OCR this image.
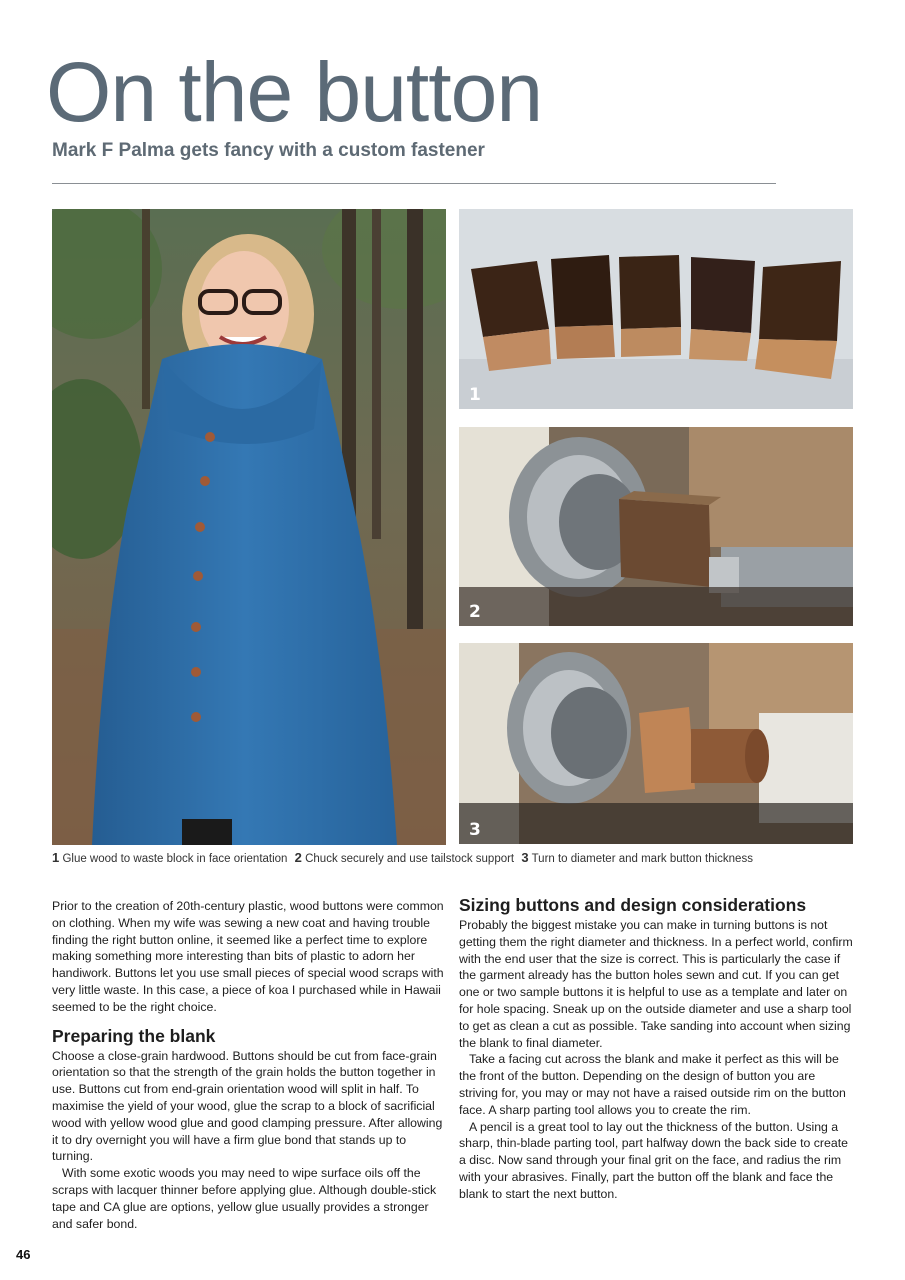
On the button

Mark F Palma gets fancy with a custom fastener

1
2
3
1 Glue wood to waste block in face orientation 2 Chuck securely and use tailstock support 3 Turn to diameter and mark button thickness

Prior to the creation of 20th-century plastic, wood buttons were common on clothing. When my wife was sewing a new coat and having trouble finding the right button online, it seemed like a perfect time to explore making something more interesting than bits of plastic to adorn her handiwork. Buttons let you use small pieces of special wood scraps with very little waste. In this case, a piece of koa I purchased while in Hawaii seemed to be the right choice.

Preparing the blank

Choose a close-grain hardwood. Buttons should be cut from face-grain orientation so that the strength of the grain holds the button together in use. Buttons cut from end-grain orientation wood will split in half. To maximise the yield of your wood, glue the scrap to a block of sacrificial wood with yellow wood glue and good clamping pressure. After allowing it to dry overnight you will have a firm glue bond that stands up to turning.

With some exotic woods you may need to wipe surface oils off the scraps with lacquer thinner before applying glue. Although double-stick tape and CA glue are options, yellow glue usually provides a stronger and safer bond.

Sizing buttons and design considerations

Probably the biggest mistake you can make in turning buttons is not getting them the right diameter and thickness. In a perfect world, confirm with the end user that the size is correct. This is particularly the case if the garment already has the button holes sewn and cut. If you can get one or two sample buttons it is helpful to use as a template and later on for hole spacing. Sneak up on the outside diameter and use a sharp tool to get as clean a cut as possible. Take sanding into account when sizing the blank to final diameter.

Take a facing cut across the blank and make it perfect as this will be the front of the button. Depending on the design of button you are striving for, you may or may not have a raised outside rim on the button face. A sharp parting tool allows you to create the rim.

A pencil is a great tool to lay out the thickness of the button. Using a sharp, thin-blade parting tool, part halfway down the back side to create a disc. Now sand through your final grit on the face, and radius the rim with your abrasives. Finally, part the button off the blank and face the blank to start the next button.

46
